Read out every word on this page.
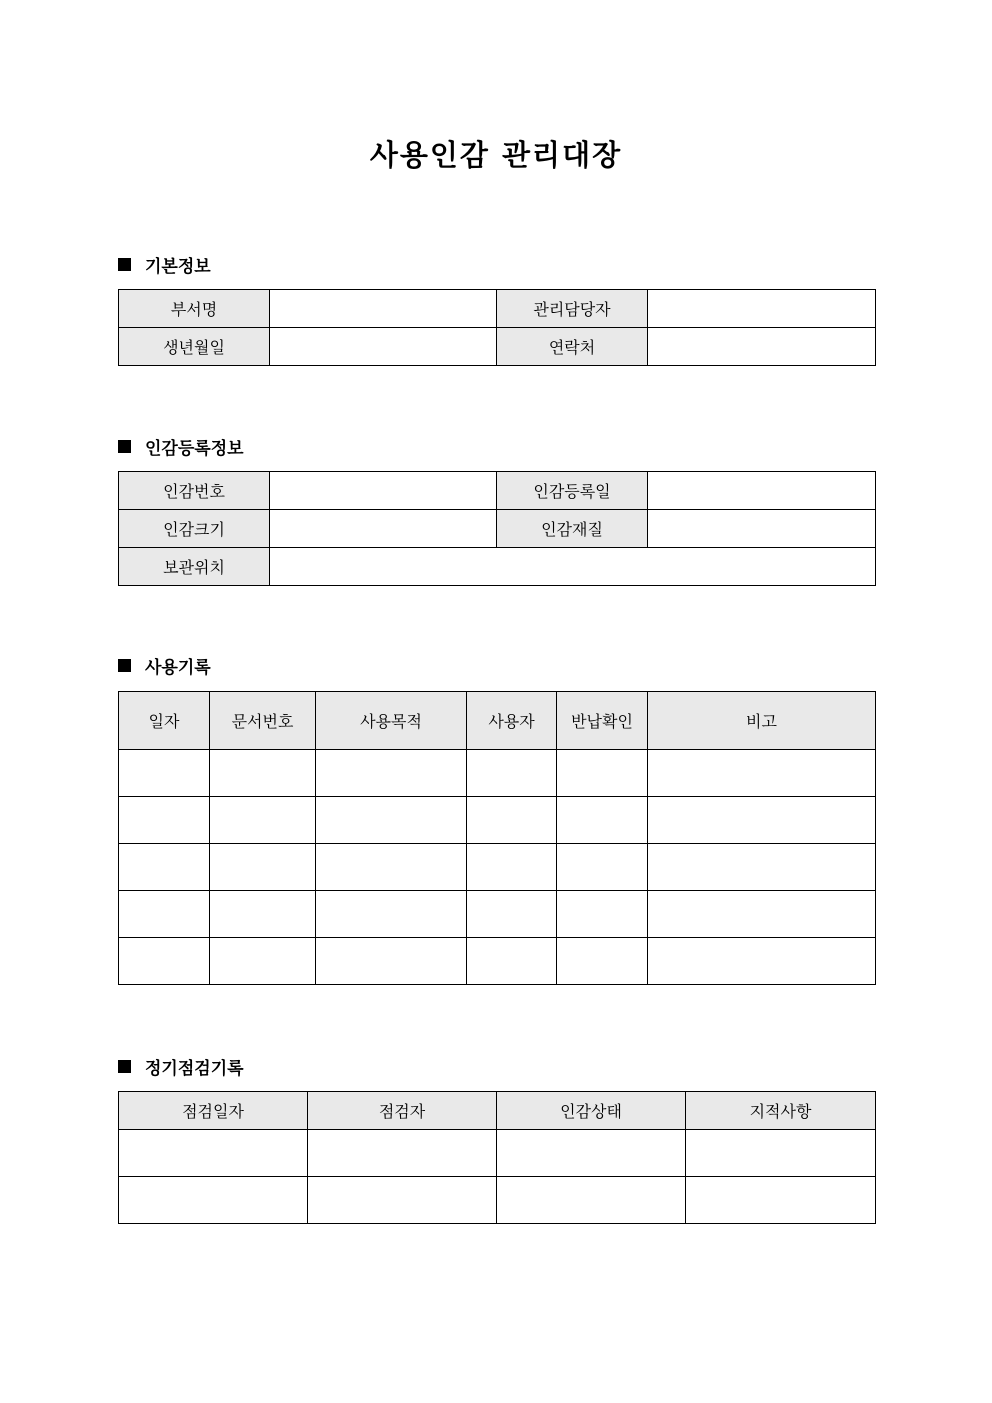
사용인감 관리대장
기본정보
부서명		관리담당자	
생년월일		연락처	
인감등록정보
인감번호		인감등록일	
인감크기		인감재질	
보관위치			
사용기록
일자	문서번호	사용목적	사용자	반납확인	비고

정기점검기록
점검일자	점검자	인감상태	지적사항
